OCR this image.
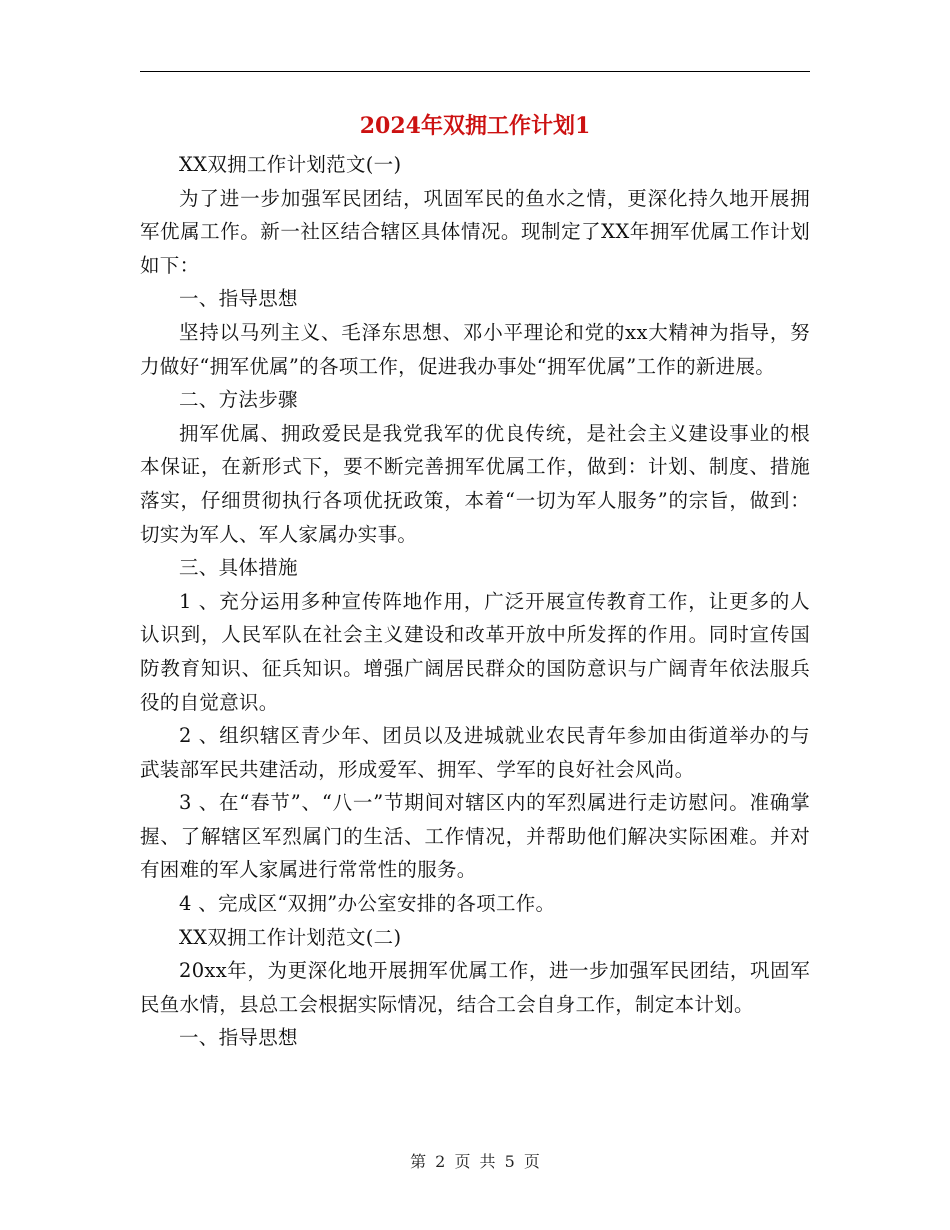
2024年双拥工作计划1

XX双拥工作计划范文(一)

为了进一步加强军民团结，巩固军民的鱼水之情，更深化持久地开展拥军优属工作。新一社区结合辖区具体情况。现制定了XX年拥军优属工作计划如下：

一、指导思想

坚持以马列主义、毛泽东思想、邓小平理论和党的xx大精神为指导，努力做好“拥军优属”的各项工作，促进我办事处“拥军优属”工作的新进展。

二、方法步骤

拥军优属、拥政爱民是我党我军的优良传统，是社会主义建设事业的根本保证，在新形式下，要不断完善拥军优属工作，做到：计划、制度、措施落实，仔细贯彻执行各项优抚政策，本着“一切为军人服务”的宗旨，做到：切实为军人、军人家属办实事。

三、具体措施

1 、充分运用多种宣传阵地作用，广泛开展宣传教育工作，让更多的人认识到，人民军队在社会主义建设和改革开放中所发挥的作用。同时宣传国防教育知识、征兵知识。增强广阔居民群众的国防意识与广阔青年依法服兵役的自觉意识。

2 、组织辖区青少年、团员以及进城就业农民青年参加由街道举办的与武装部军民共建活动，形成爱军、拥军、学军的良好社会风尚。

3 、在“春节”、“八一”节期间对辖区内的军烈属进行走访慰问。准确掌握、了解辖区军烈属门的生活、工作情况，并帮助他们解决实际困难。并对有困难的军人家属进行常常性的服务。

4 、完成区“双拥”办公室安排的各项工作。

XX双拥工作计划范文(二)

20xx年，为更深化地开展拥军优属工作，进一步加强军民团结，巩固军民鱼水情，县总工会根据实际情况，结合工会自身工作，制定本计划。

一、指导思想

第 2 页 共 5 页
